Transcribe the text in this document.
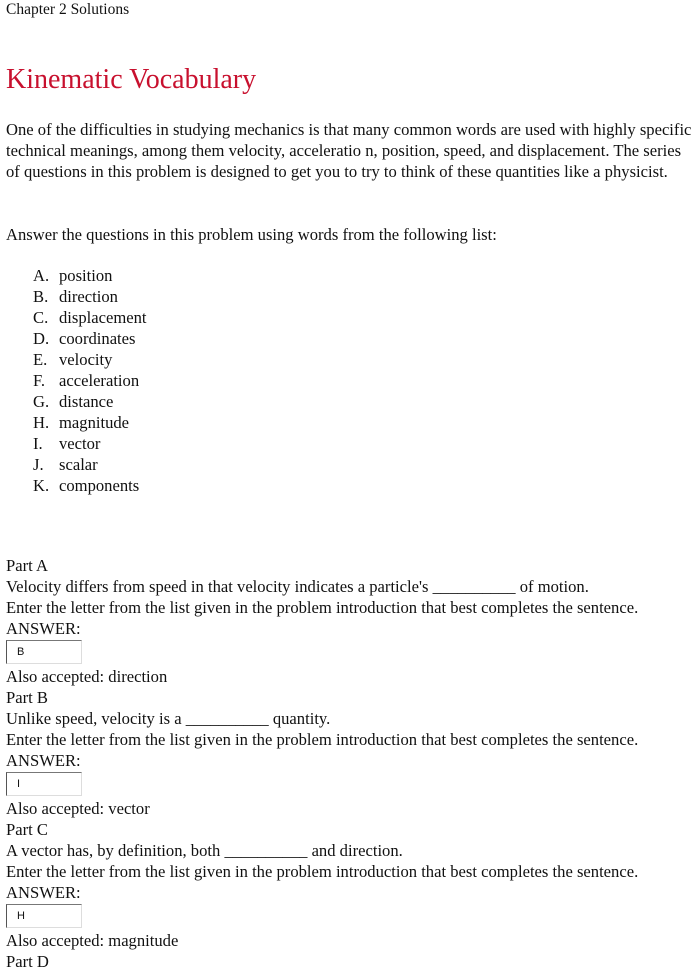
Chapter 2 Solutions
Kinematic Vocabulary

One of the difficulties in studying mechanics is that many common words are used with highly specific technical meanings, among them velocity, acceleratio n, position, speed, and displacement. The series of questions in this problem is designed to get you to try to think of these quantities like a physicist.

Answer the questions in this problem using words from the following list:

A. position
B. direction
C. displacement
D. coordinates
E. velocity
F. acceleration
G. distance
H. magnitude
I. vector
J. scalar
K. components
Part A
Velocity differs from speed in that velocity indicates a particle's __________ of motion.
Enter the letter from the list given in the problem introduction that best completes the sentence.
ANSWER:
B
Also accepted: direction
Part B
Unlike speed, velocity is a __________ quantity.
Enter the letter from the list given in the problem introduction that best completes the sentence.
ANSWER:
I
Also accepted: vector
Part C
A vector has, by definition, both __________ and direction.
Enter the letter from the list given in the problem introduction that best completes the sentence.
ANSWER:
H
Also accepted: magnitude
Part D
